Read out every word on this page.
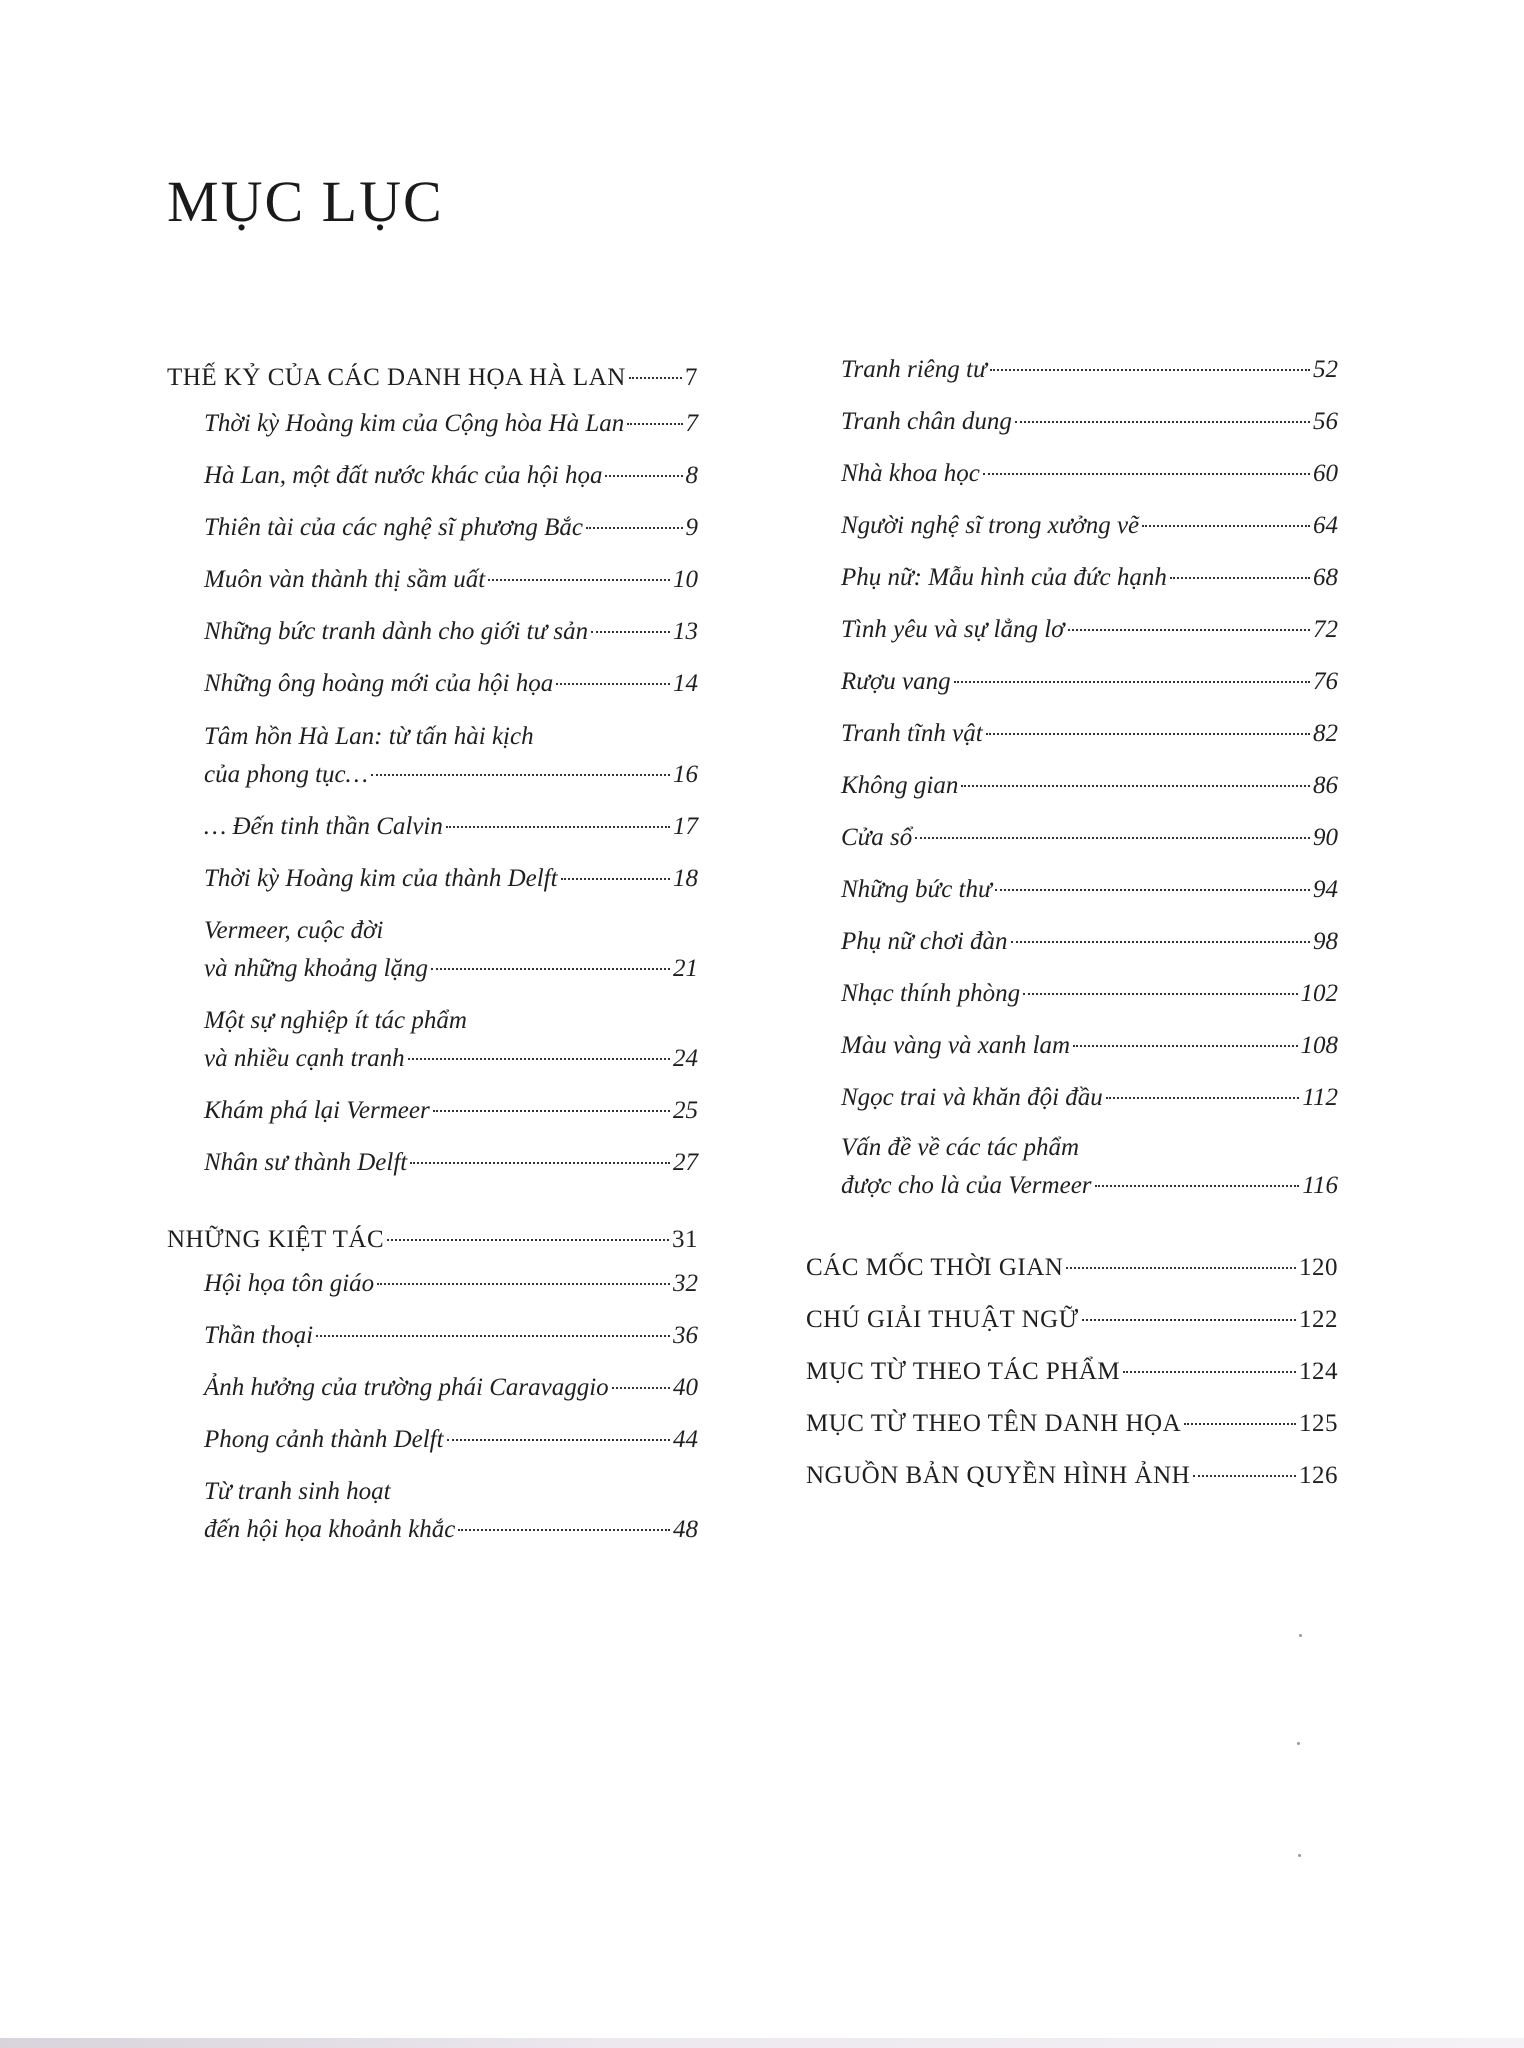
MỤC LỤC
THẾ KỶ CỦA CÁC DANH HỌA HÀ LAN 7
Thời kỳ Hoàng kim của Cộng hòa Hà Lan 7
Hà Lan, một đất nước khác của hội họa	8
Thiên tài của các nghệ sĩ phương Bắc	9
Muôn vàn thành thị sầm uất	10
Những bức tranh dành cho giới tư sản	13
Những ông hoàng mới của hội họa	14
Tâm hồn Hà Lan: từ tấn hài kịch
của phong tục…	16
… Đến tinh thần Calvin	17
Thời kỳ Hoàng kim của thành Delft	18
Vermeer, cuộc đời
và những khoảng lặng	21
Một sự nghiệp ít tác phẩm
và nhiều cạnh tranh	24
Khám phá lại Vermeer	25
Nhân sư thành Delft	27
NHỮNG KIỆT TÁC	31
Hội họa tôn giáo	32
Thần thoại	36
Ảnh hưởng của trường phái Caravaggio	40
Phong cảnh thành Delft	44
Từ tranh sinh hoạt
đến hội họa khoảnh khắc	48
Tranh riêng tư	52
Tranh chân dung	56
Nhà khoa học	60
Người nghệ sĩ trong xưởng vẽ	64
Phụ nữ: Mẫu hình của đức hạnh	68
Tình yêu và sự lẳng lơ	72
Rượu vang	76
Tranh tĩnh vật	82
Không gian	86
Cửa sổ	90
Những bức thư	94
Phụ nữ chơi đàn	98
Nhạc thính phòng	102
Màu vàng và xanh lam	108
Ngọc trai và khăn đội đầu	112
Vấn đề về các tác phẩm
được cho là của Vermeer	116
CÁC MỐC THỜI GIAN	120
CHÚ GIẢI THUẬT NGỮ	122
MỤC TỪ THEO TÁC PHẨM	124
MỤC TỪ THEO TÊN DANH HỌA	125
NGUỒN BẢN QUYỀN HÌNH ẢNH	126
